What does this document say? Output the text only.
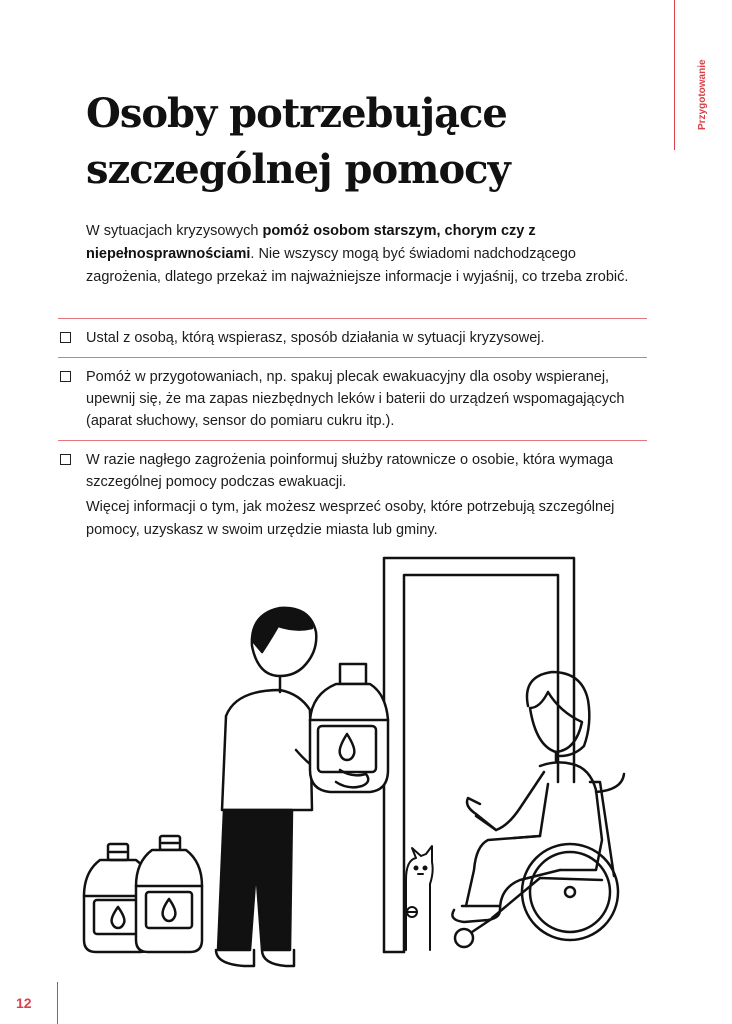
Przygotowanie
Osoby potrzebujące
szczególnej pomocy

W sytuacjach kryzysowych pomóż osobom starszym, chorym czy z niepełnosprawnościami. Nie wszyscy mogą być świadomi nadchodzącego zagrożenia, dlatego przekaż im najważniejsze informacje i wyjaśnij, co trzeba zrobić.

Ustal z osobą, którą wspierasz, sposób działania w sytuacji kryzysowej.
Pomóż w przygotowaniach, np. spakuj plecak ewakuacyjny dla osoby wspieranej, upewnij się, że ma zapas niezbędnych leków i baterii do urządzeń wspomagających (aparat słuchowy, sensor do pomiaru cukru itp.).
W razie nagłego zagrożenia poinformuj służby ratownicze o osobie, która wymaga szczególnej pomocy podczas ewakuacji.

Więcej informacji o tym, jak możesz wesprzeć osoby, które potrzebują szczególnej pomocy, uzyskasz w swoim urzędzie miasta lub gminy.

12
